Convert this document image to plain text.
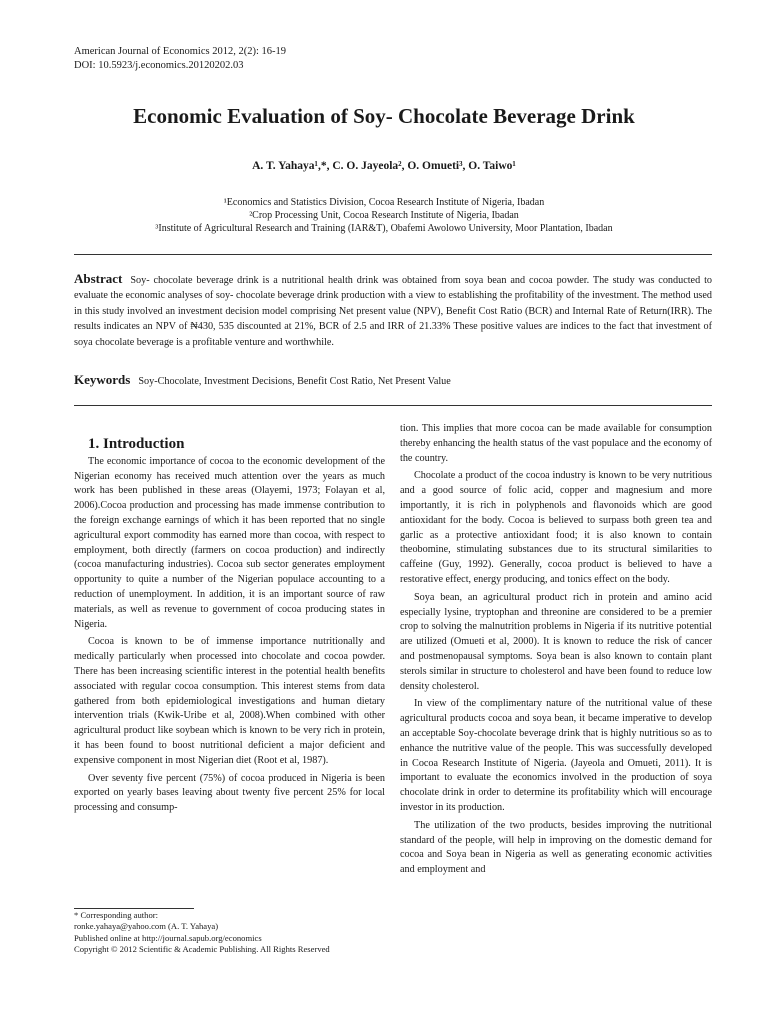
American Journal of Economics 2012, 2(2): 16-19
DOI: 10.5923/j.economics.20120202.03
Economic Evaluation of Soy- Chocolate Beverage Drink
A. T. Yahaya¹,*, C. O. Jayeola², O. Omueti³, O. Taiwo¹
¹Economics and Statistics Division, Cocoa Research Institute of Nigeria, Ibadan
²Crop Processing Unit, Cocoa Research Institute of Nigeria, Ibadan
³Institute of Agricultural Research and Training (IAR&T), Obafemi Awolowo University, Moor Plantation, Ibadan
Abstract Soy- chocolate beverage drink is a nutritional health drink was obtained from soya bean and cocoa powder. The study was conducted to evaluate the economic analyses of soy- chocolate beverage drink production with a view to establishing the profitability of the investment. The method used in this study involved an investment decision model comprising Net present value (NPV), Benefit Cost Ratio (BCR) and Internal Rate of Return(IRR). The results indicates an NPV of ₦430, 535 discounted at 21%, BCR of 2.5 and IRR of 21.33% These positive values are indices to the fact that investment of soya chocolate beverage is a profitable venture and worthwhile.
Keywords Soy-Chocolate, Investment Decisions, Benefit Cost Ratio, Net Present Value

1. Introduction

The economic importance of cocoa to the economic development of the Nigerian economy has received much attention over the years as much work has been published in these areas (Olayemi, 1973; Folayan et al, 2006).Cocoa production and processing has made immense contribution to the foreign exchange earnings of which it has been reported that no single agricultural export commodity has earned more than cocoa, with respect to employment, both directly (farmers on cocoa production) and indirectly (cocoa manufacturing industries). Cocoa sub sector generates employment opportunity to quite a number of the Nigerian populace accounting to a reduction of unemployment. In addition, it is an important source of raw materials, as well as revenue to government of cocoa producing states in Nigeria.

Cocoa is known to be of immense importance nutritionally and medically particularly when processed into chocolate and cocoa powder. There has been increasing scientific interest in the potential health benefits associated with regular cocoa consumption. This interest stems from data gathered from both epidemiological investigations and human dietary intervention trials (Kwik-Uribe et al, 2008).When combined with other agricultural product like soybean which is known to be very rich in protein, it has been found to boost nutritional deficient a major deficient and expensive component in most Nigerian diet (Root et al, 1987).

Over seventy five percent (75%) of cocoa produced in Nigeria is been exported on yearly bases leaving about twenty five percent 25% for local processing and consump-

tion. This implies that more cocoa can be made available for consumption thereby enhancing the health status of the vast populace and the economy of the country.

Chocolate a product of the cocoa industry is known to be very nutritious and a good source of folic acid, copper and magnesium and more importantly, it is rich in polyphenols and flavonoids which are good antioxidant for the body. Cocoa is believed to surpass both green tea and garlic as a protective antioxidant food; it is also known to contain theobomine, stimulating substances due to its structural similarities to caffeine (Guy, 1992). Generally, cocoa product is believed to have a restorative effect, energy producing, and tonics effect on the body.

Soya bean, an agricultural product rich in protein and amino acid especially lysine, tryptophan and threonine are considered to be a premier crop to solving the malnutrition problems in Nigeria if its nutritive potential are utilized (Omueti et al, 2000). It is known to reduce the risk of cancer and postmenopausal symptoms. Soya bean is also known to contain plant sterols similar in structure to cholesterol and have been found to reduce low density cholesterol.

In view of the complimentary nature of the nutritional value of these agricultural products cocoa and soya bean, it became imperative to develop an acceptable Soy-chocolate beverage drink that is highly nutritious so as to enhance the nutritive value of the people. This was successfully developed in Cocoa Research Institute of Nigeria. (Jayeola and Omueti, 2011). It is important to evaluate the economics involved in the production of soya chocolate drink in order to determine its profitability which will encourage investor in its production.

The utilization of the two products, besides improving the nutritional standard of the people, will help in improving on the domestic demand for cocoa and Soya bean in Nigeria as well as generating economic activities and employment and

* Corresponding author:
ronke.yahaya@yahoo.com (A. T. Yahaya)
Published online at http://journal.sapub.org/economics
Copyright © 2012 Scientific & Academic Publishing. All Rights Reserved
